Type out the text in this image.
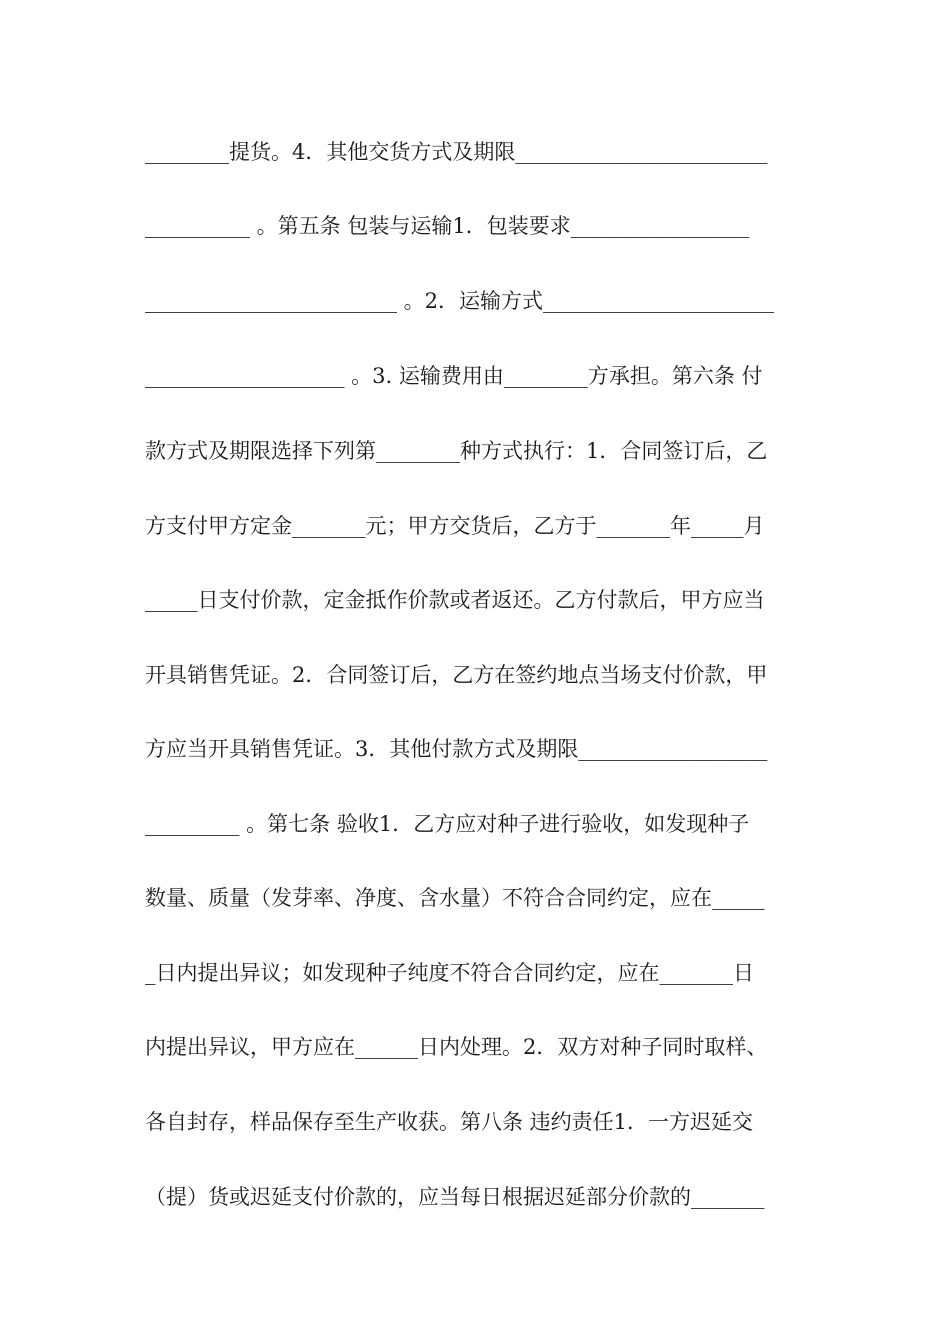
________提货。4．其他交货方式及期限________________________
__________ 。第五条 包装与运输1．包装要求_________________
________________________ 。2．运输方式______________________
___________________ 。3. 运输费用由________方承担。第六条 付
款方式及期限选择下列第________种方式执行：1．合同签订后，乙
方支付甲方定金_______元；甲方交货后，乙方于_______年_____月
_____日支付价款，定金抵作价款或者返还。乙方付款后，甲方应当
开具销售凭证。2．合同签订后，乙方在签约地点当场支付价款，甲
方应当开具销售凭证。3．其他付款方式及期限__________________
_________ 。第七条 验收1．乙方应对种子进行验收，如发现种子
数量、质量（发芽率、净度、含水量）不符合合同约定，应在_____
_日内提出异议；如发现种子纯度不符合合同约定，应在_______日
内提出异议，甲方应在______日内处理。2．双方对种子同时取样、
各自封存，样品保存至生产收获。第八条 违约责任1．一方迟延交
（提）货或迟延支付价款的，应当每日根据迟延部分价款的_______
